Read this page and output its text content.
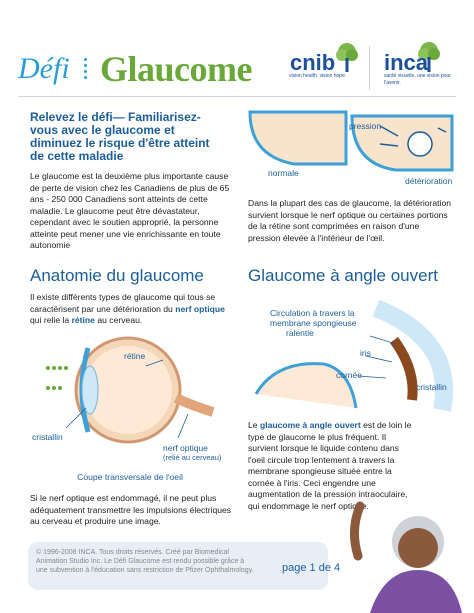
Défi Glaucome cnib
vision health. vision hope.
inca
santé visuelle, une vision pour l'avenir.
Relevez le défi— Familiarisez-vous avec le glaucome et diminuez le risque d'être atteint de cette maladie
Le glaucome est la deuxième plus importante cause de perte de vision chez les Canadiens de plus de 65 ans - 250 000 Canadiens sont atteints de cette maladie. Le glaucome peut être dévastateur, cependant avec le soutien approprié, la personne atteinte peut mener une vie enrichissante en toute autonomie
Anatomie du glaucome
Il existe différents types de glaucome qui tous se caractérisent par une détérioration du nerf optique qui relie la rétine au cerveau.
rétine
cristallin
nerf optique
(relié au cerveau)
Coupe transversale de l'oeil
Si le nerf optique est endommagé, il ne peut plus adéquatement transmettre les impulsions électriques au cerveau et produire une image.
pression
normale
détérioration
Dans la plupart des cas de glaucome, la détérioration survient lorsque le nerf optique ou certaines portions de la rétine sont comprimées en raison d'une pression élevée à l'intérieur de l'œil.
Glaucome à angle ouvert
Circulation à travers la
membrane spongieuse
ralentie
iris
cornée
cristallin
Le glaucome à angle ouvert est de loin le type de glaucome le plus fréquent. Il survient lorsque le liquide contenu dans l'oeil circule trop lentement à travers la membrane spongieuse située entre la cornée à l'iris. Ceci engendre une augmentation de la pression intraoculaire, qui endommage le nerf optique.
© 1996-2008 INCA. Tous droits réservés. Créé par Biomedical Animation Studio Inc. Le Défi Glaucome est rendu possible grâce à une subvention à l'éducation sans restriction de Pfizer Ophthalmology.	page 1 de 4
